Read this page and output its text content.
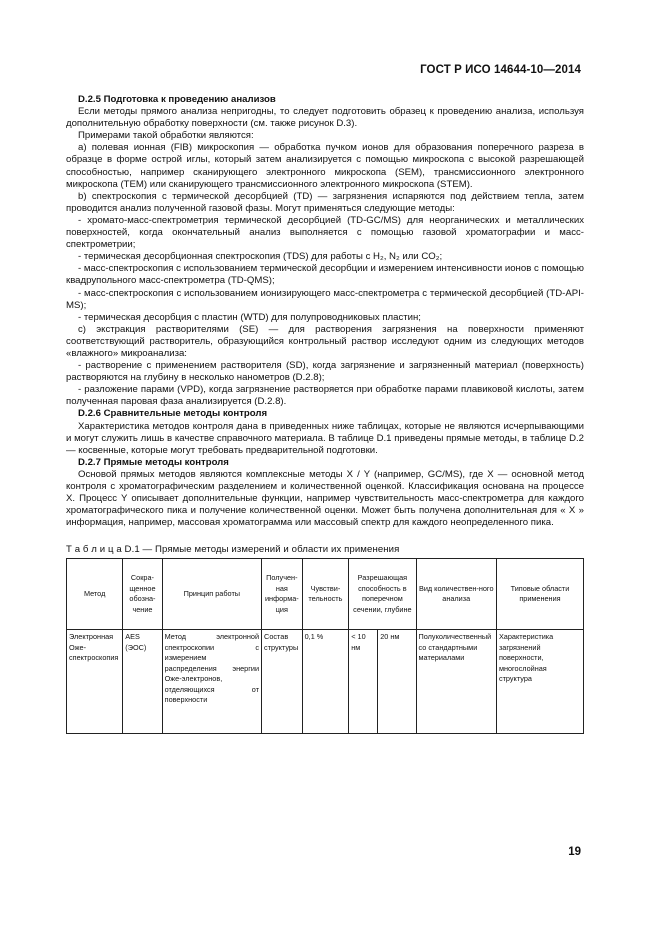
ГОСТ Р ИСО 14644-10—2014

D.2.5 Подготовка к проведению анализов

Если методы прямого анализа непригодны, то следует подготовить образец к проведению анализа, используя дополнительную обработку поверхности (см. также рисунок D.3).

Примерами такой обработки являются:

а) полевая ионная (FIB) микроскопия — обработка пучком ионов для образования поперечного разреза в образце в форме острой иглы, который затем анализируется с помощью микроскопа с высокой разрешающей способностью, например сканирующего электронного микроскопа (SEM), трансмиссионного электронного микроскопа (ТЕМ) или сканирующего трансмиссионного электронного микроскопа (STEM).

b) спектроскопия с термической десорбцией (TD) — загрязнения испаряются под действием тепла, затем проводится анализ полученной газовой фазы. Могут применяться следующие методы:

- хромато-масс-спектрометрия термической десорбцией (TD-GC/MS) для неорганических и металлических поверхностей, когда окончательный анализ выполняется с помощью газовой хроматографии и масс-спектрометрии;

- термическая десорбционная спектроскопия (TDS) для работы с H₂, N₂ или CO₂;

- масс-спектроскопия с использованием термической десорбции и измерением интенсивности ионов с помощью квадрупольного масс-спектрометра (TD-QMS);

- масс-спектроскопия с использованием ионизирующего масс-спектрометра с термической десорбцией (TD-API-MS);

- термическая десорбция с пластин (WTD) для полупроводниковых пластин;

с) экстракция растворителями (SE) — для растворения загрязнения на поверхности применяют соответствующий растворитель, образующийся контрольный раствор исследуют одним из следующих методов «влажного» микроанализа:

- растворение с применением растворителя (SD), когда загрязнение и загрязненный материал (поверхность) растворяются на глубину в несколько нанометров (D.2.8);

- разложение парами (VPD), когда загрязнение растворяется при обработке парами плавиковой кислоты, затем полученная паровая фаза анализируется (D.2.8).

D.2.6 Сравнительные методы контроля

Характеристика методов контроля дана в приведенных ниже таблицах, которые не являются исчерпывающими и могут служить лишь в качестве справочного материала. В таблице D.1 приведены прямые методы, в таблице D.2 — косвенные, которые могут требовать предварительной подготовки.

D.2.7 Прямые методы контроля

Основой прямых методов являются комплексные методы X / Y (например, GC/MS), где X — основной метод контроля с хроматографическим разделением и количественной оценкой. Классификация основана на процессе X. Процесс Y описывает дополнительные функции, например чувствительность масс-спектрометра для каждого хроматографического пика и получение количественной оценки. Может быть получена дополнительная для « X » информация, например, массовая хроматограмма или массовый спектр для каждого неопределенного пика.

Т а б л и ц а D.1 — Прямые методы измерений и области их применения
Метод	Сокра-щенное обозна-чение	Принцип работы	Получен-ная информа-ция	Чувстви-тельность	Разрешающая способность в поперечном сечении, глубине		Вид количествен-ного анализа	Типовые области применения
Электронная Оже-спектроскопия	AES (ЭОС)	Метод электронной спектроскопии с измерением распределения энергии Оже-электронов, отделяющихся от поверхности	Состав структуры	0,1 %	< 10 нм	20 нм	Полуколичественный со стандартными материалами	Характеристика загрязнений поверхности, многослойная структура
19
